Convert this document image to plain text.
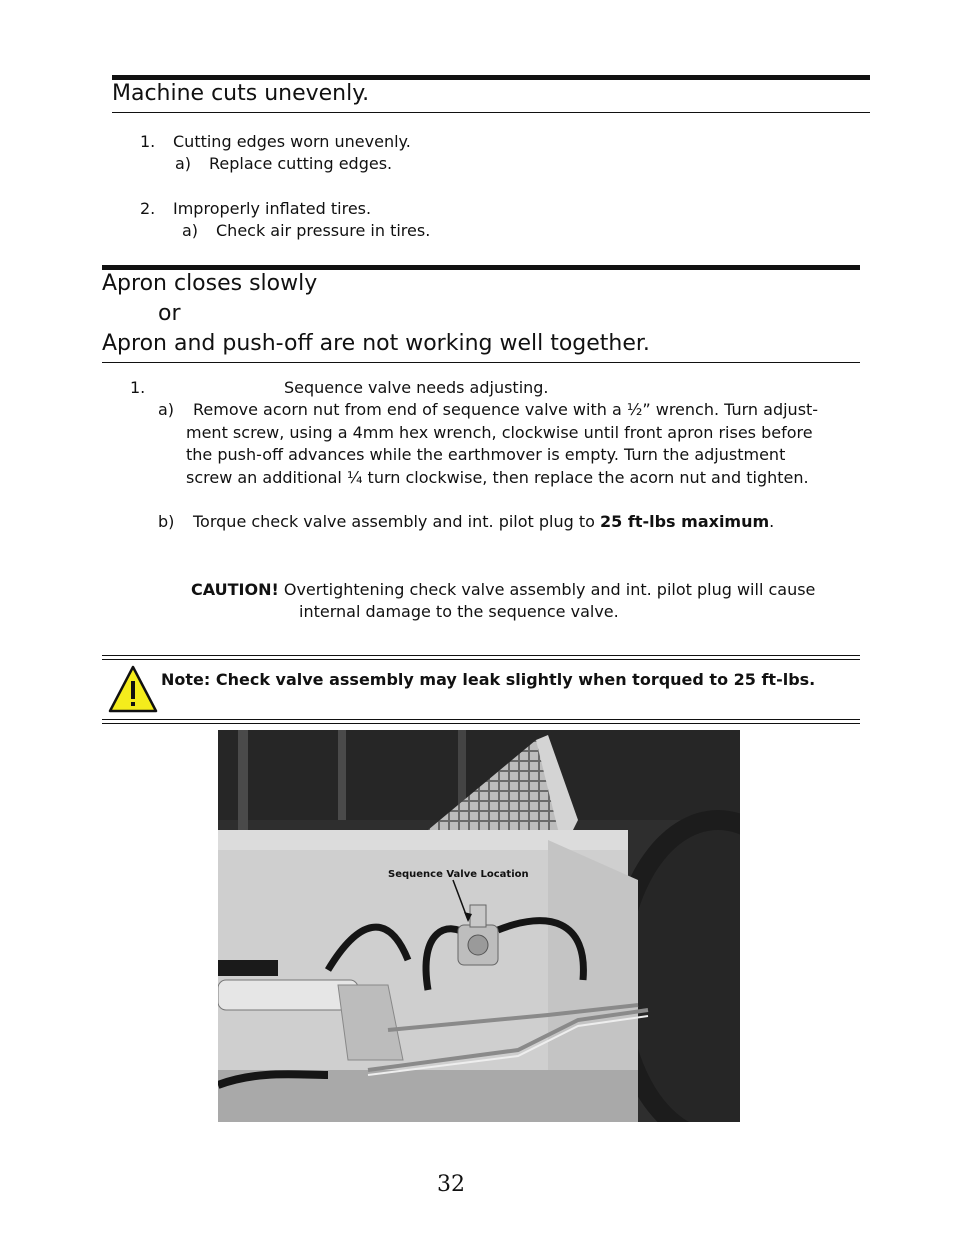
Machine cuts unevenly.
1. Cutting edges worn unevenly.
a) Replace cutting edges.
2. Improperly inflated tires.
a) Check air pressure in tires.
Apron closes slowly
or
Apron and push-off are not working well together.
1.	Sequence valve needs adjusting.
a) Remove acorn nut from end of sequence valve with a ½” wrench. Turn adjust-
ment screw, using a 4mm hex wrench, clockwise until front apron rises before
the push-off advances while the earthmover is empty. Turn the adjustment
screw an additional ¼ turn clockwise, then replace the acorn nut and tighten.
b) Torque check valve assembly and int. pilot plug to 25 ft-lbs maximum.
CAUTION! Overtightening check valve assembly and int. pilot plug will cause
internal damage to the sequence valve.
Note: Check valve assembly may leak slightly when torqued to 25 ft-lbs.
Sequence Valve Location
32
